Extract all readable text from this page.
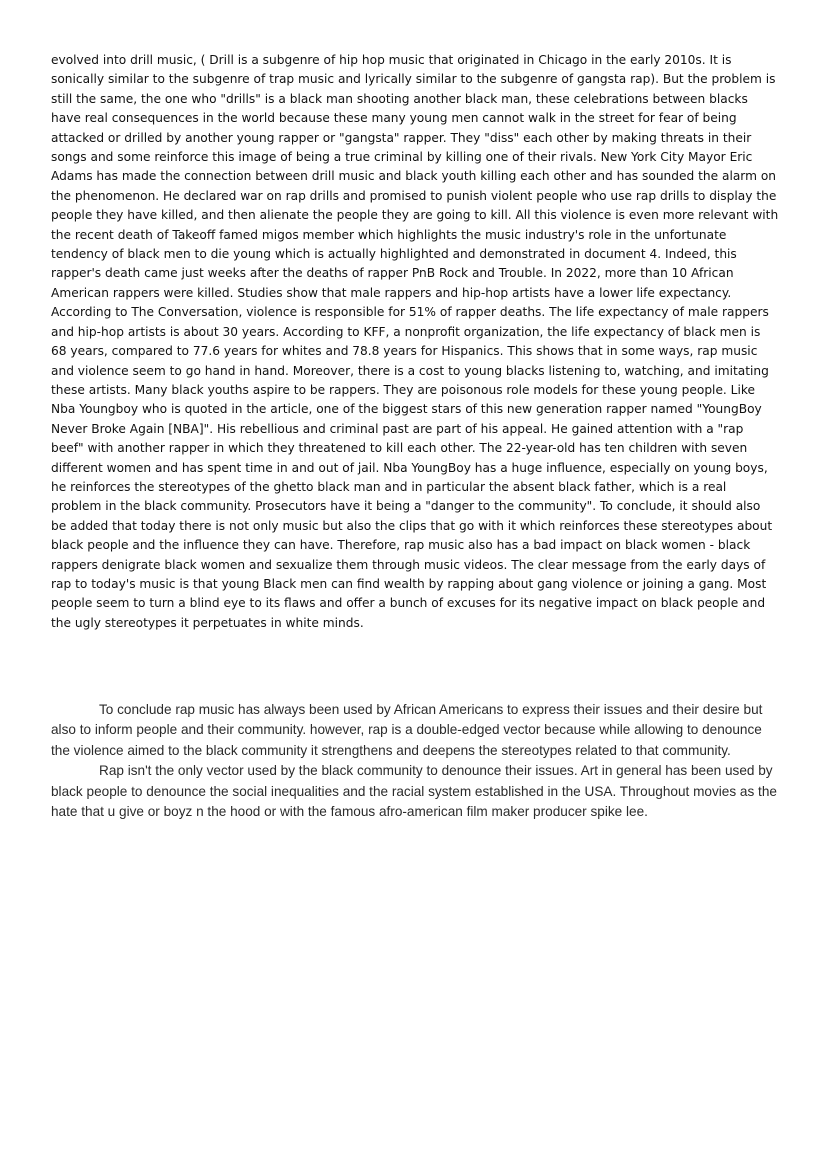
evolved into drill music, ( Drill is a subgenre of hip hop music that originated in Chicago in the early 2010s. It is sonically similar to the subgenre of trap music and lyrically similar to the subgenre of gangsta rap). But the problem is still the same, the one who "drills" is a black man shooting another black man, these celebrations between blacks have real consequences in the world because these many young men cannot walk in the street for fear of being attacked or drilled by another young rapper or "gangsta" rapper. They "diss" each other by making threats in their songs and some reinforce this image of being a true criminal by killing one of their rivals. New York City Mayor Eric Adams has made the connection between drill music and black youth killing each other and has sounded the alarm on the phenomenon. He declared war on rap drills and promised to punish violent people who use rap drills to display the people they have killed, and then alienate the people they are going to kill. All this violence is even more relevant with the recent death of Takeoff famed migos member which highlights the music industry's role in the unfortunate tendency of black men to die young which is actually highlighted and demonstrated in document 4. Indeed, this rapper's death came just weeks after the deaths of rapper PnB Rock and Trouble. In 2022, more than 10 African American rappers were killed. Studies show that male rappers and hip-hop artists have a lower life expectancy. According to The Conversation, violence is responsible for 51% of rapper deaths. The life expectancy of male rappers and hip-hop artists is about 30 years. According to KFF, a nonprofit organization, the life expectancy of black men is 68 years, compared to 77.6 years for whites and 78.8 years for Hispanics. This shows that in some ways, rap music and violence seem to go hand in hand. Moreover, there is a cost to young blacks listening to, watching, and imitating these artists. Many black youths aspire to be rappers. They are poisonous role models for these young people. Like Nba Youngboy who is quoted in the article, one of the biggest stars of this new generation rapper named "YoungBoy Never Broke Again [NBA]". His rebellious and criminal past are part of his appeal. He gained attention with a "rap beef" with another rapper in which they threatened to kill each other. The 22-year-old has ten children with seven different women and has spent time in and out of jail. Nba YoungBoy has a huge influence, especially on young boys, he reinforces the stereotypes of the ghetto black man and in particular the absent black father, which is a real problem in the black community. Prosecutors have it being a "danger to the community". To conclude, it should also be added that today there is not only music but also the clips that go with it which reinforces these stereotypes about black people and the influence they can have. Therefore, rap music also has a bad impact on black women - black rappers denigrate black women and sexualize them through music videos. The clear message from the early days of rap to today's music is that young Black men can find wealth by rapping about gang violence or joining a gang. Most people seem to turn a blind eye to its flaws and offer a bunch of excuses for its negative impact on black people and the ugly stereotypes it perpetuates in white minds.

To conclude rap music has always been used by African Americans to express their issues and their desire but also to inform people and their community. however, rap is a double-edged vector because while allowing to denounce the violence aimed to the black community it strengthens and deepens the stereotypes related to that community.

Rap isn't the only vector used by the black community to denounce their issues. Art in general has been used by black people to denounce the social inequalities and the racial system established in the USA. Throughout movies as the hate that u give or boyz n the hood or with the famous afro-american film maker producer spike lee.
